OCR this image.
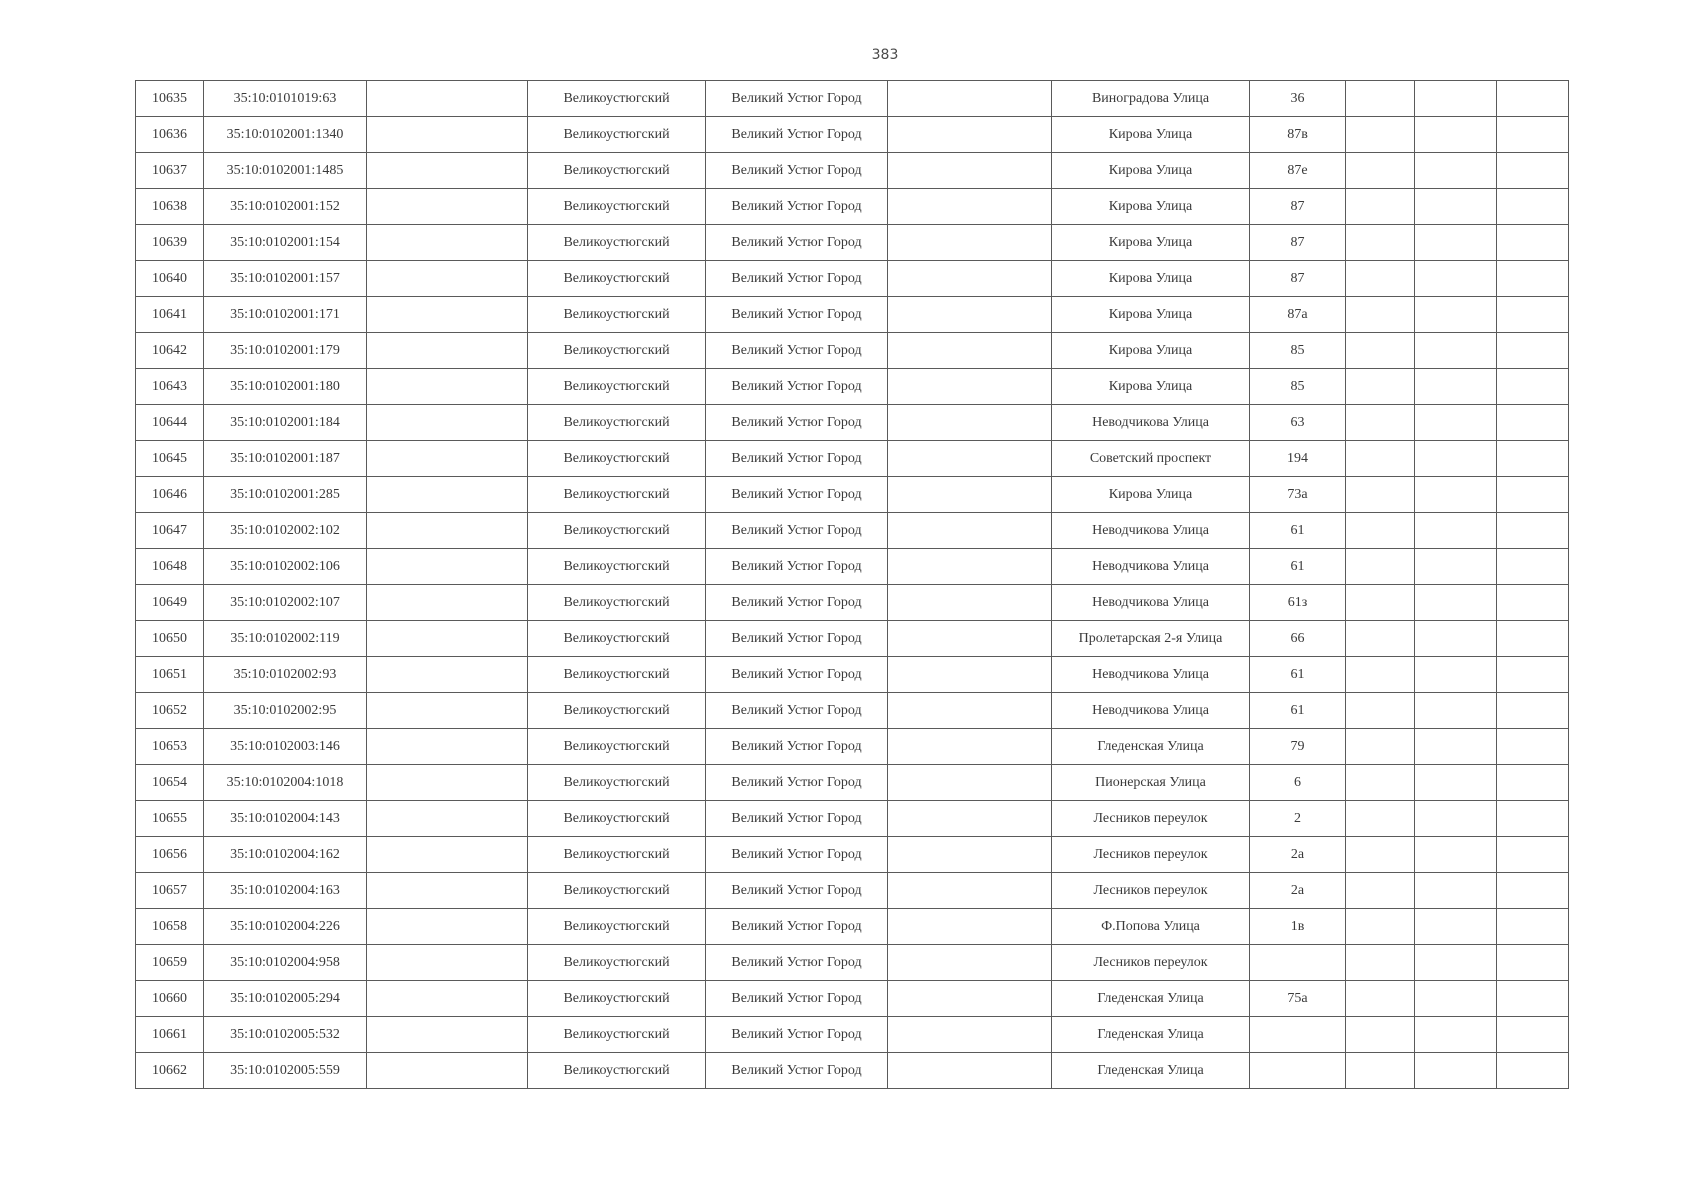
383
10635	35:10:0101019:63		Великоустюгский	Великий Устюг Город		Виноградова Улица	36			
10636	35:10:0102001:1340		Великоустюгский	Великий Устюг Город		Кирова Улица	87в			
10637	35:10:0102001:1485		Великоустюгский	Великий Устюг Город		Кирова Улица	87е			
10638	35:10:0102001:152		Великоустюгский	Великий Устюг Город		Кирова Улица	87			
10639	35:10:0102001:154		Великоустюгский	Великий Устюг Город		Кирова Улица	87			
10640	35:10:0102001:157		Великоустюгский	Великий Устюг Город		Кирова Улица	87			
10641	35:10:0102001:171		Великоустюгский	Великий Устюг Город		Кирова Улица	87а			
10642	35:10:0102001:179		Великоустюгский	Великий Устюг Город		Кирова Улица	85			
10643	35:10:0102001:180		Великоустюгский	Великий Устюг Город		Кирова Улица	85			
10644	35:10:0102001:184		Великоустюгский	Великий Устюг Город		Неводчикова Улица	63			
10645	35:10:0102001:187		Великоустюгский	Великий Устюг Город		Советский проспект	194			
10646	35:10:0102001:285		Великоустюгский	Великий Устюг Город		Кирова Улица	73а			
10647	35:10:0102002:102		Великоустюгский	Великий Устюг Город		Неводчикова Улица	61			
10648	35:10:0102002:106		Великоустюгский	Великий Устюг Город		Неводчикова Улица	61			
10649	35:10:0102002:107		Великоустюгский	Великий Устюг Город		Неводчикова Улица	61з			
10650	35:10:0102002:119		Великоустюгский	Великий Устюг Город		Пролетарская 2-я Улица	66			
10651	35:10:0102002:93		Великоустюгский	Великий Устюг Город		Неводчикова Улица	61			
10652	35:10:0102002:95		Великоустюгский	Великий Устюг Город		Неводчикова Улица	61			
10653	35:10:0102003:146		Великоустюгский	Великий Устюг Город		Гледенская Улица	79			
10654	35:10:0102004:1018		Великоустюгский	Великий Устюг Город		Пионерская Улица	6			
10655	35:10:0102004:143		Великоустюгский	Великий Устюг Город		Лесников переулок	2			
10656	35:10:0102004:162		Великоустюгский	Великий Устюг Город		Лесников переулок	2а			
10657	35:10:0102004:163		Великоустюгский	Великий Устюг Город		Лесников переулок	2а			
10658	35:10:0102004:226		Великоустюгский	Великий Устюг Город		Ф.Попова Улица	1в			
10659	35:10:0102004:958		Великоустюгский	Великий Устюг Город		Лесников переулок				
10660	35:10:0102005:294		Великоустюгский	Великий Устюг Город		Гледенская Улица	75а			
10661	35:10:0102005:532		Великоустюгский	Великий Устюг Город		Гледенская Улица				
10662	35:10:0102005:559		Великоустюгский	Великий Устюг Город		Гледенская Улица				
